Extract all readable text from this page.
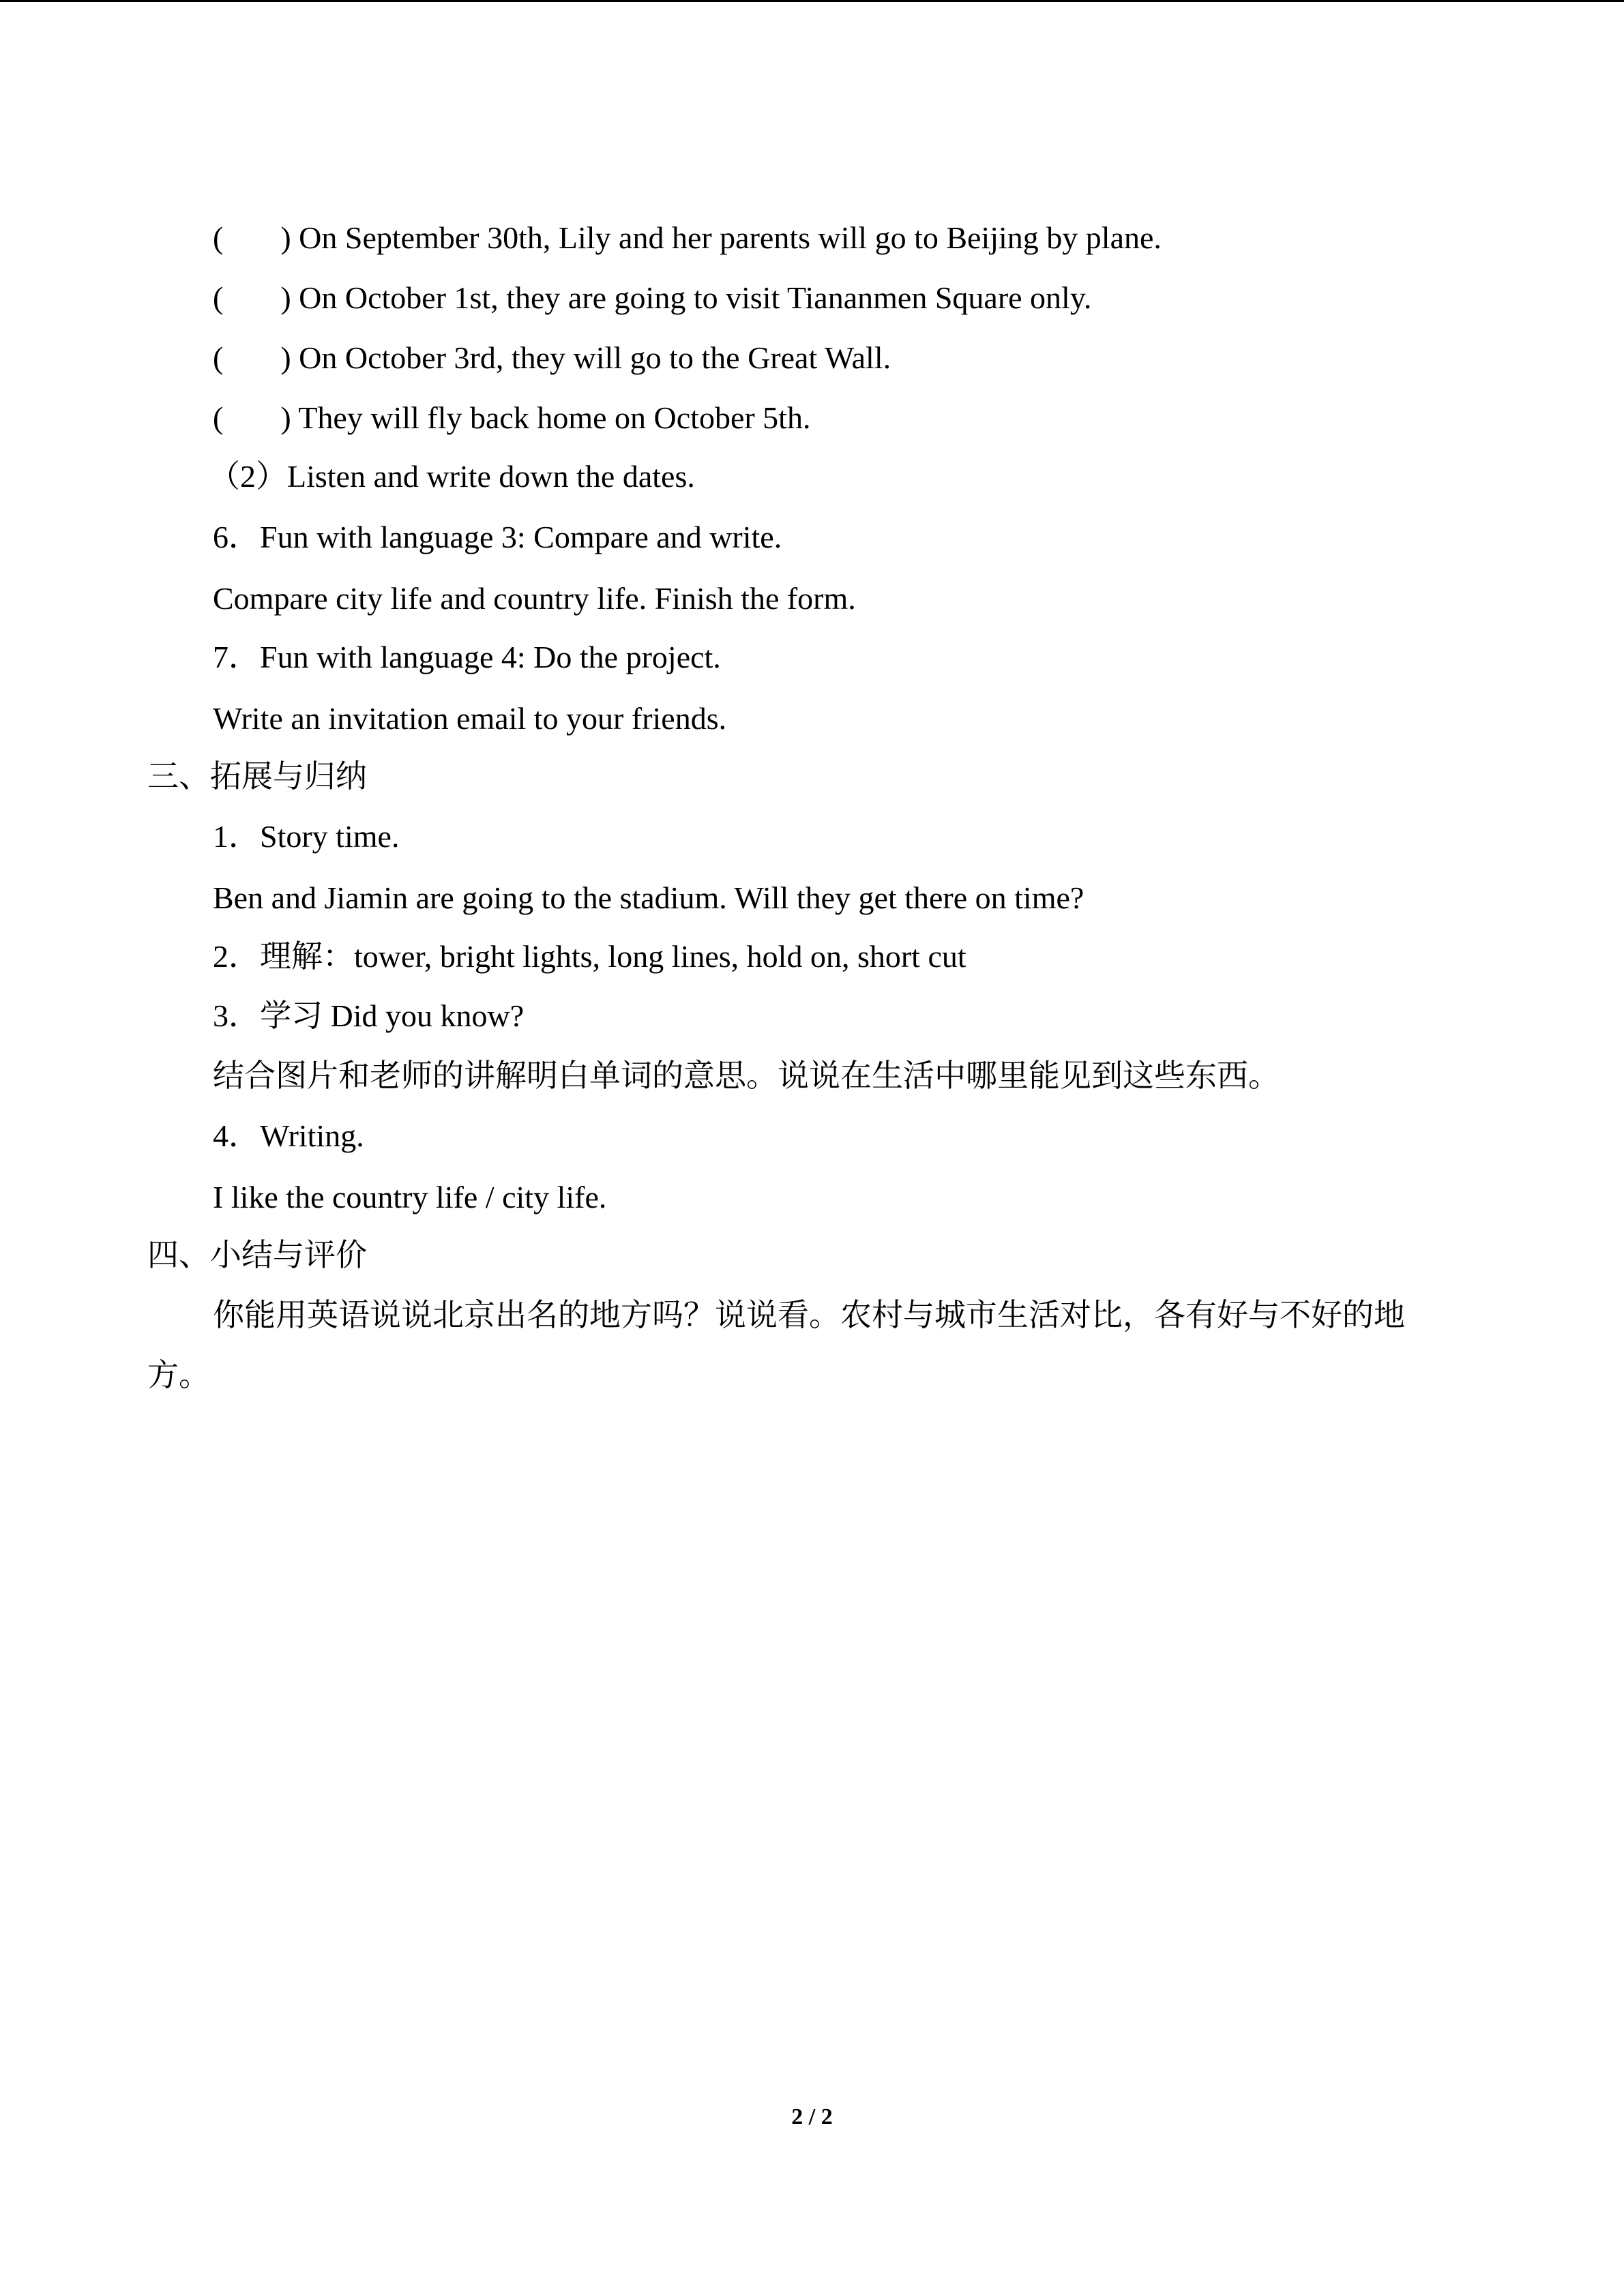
( ) On September 30th, Lily and her parents will go to Beijing by plane.
( ) On October 1st, they are going to visit Tiananmen Square only.
( ) On October 3rd, they will go to the Great Wall.
( ) They will fly back home on October 5th.
（2）Listen and write down the dates.
6．Fun with language 3: Compare and write.
Compare city life and country life. Finish the form.
7．Fun with language 4: Do the project.
Write an invitation email to your friends.
三、拓展与归纳
1．Story time.
Ben and Jiamin are going to the stadium. Will they get there on time?
2．理解：tower, bright lights, long lines, hold on, short cut
3．学习 Did you know?
结合图片和老师的讲解明白单词的意思。说说在生活中哪里能见到这些东西。
4．Writing.
I like the country life / city life.
四、小结与评价
你能用英语说说北京出名的地方吗？说说看。农村与城市生活对比，各有好与不好的地
方。
2 / 2
